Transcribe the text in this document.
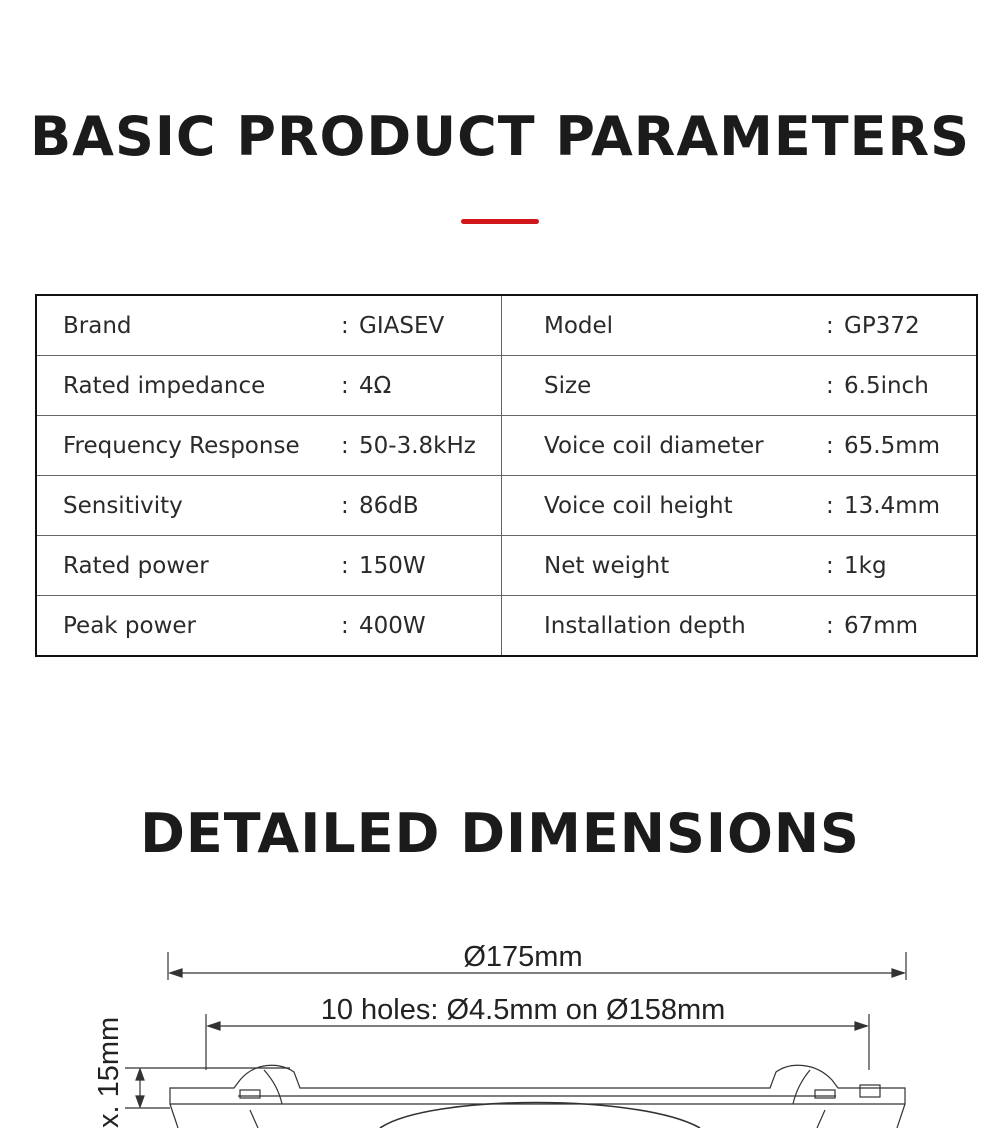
BASIC PRODUCT PARAMETERS
Brand	: GIASEV	Model	: GP372
Rated impedance	: 4Ω	Size	: 6.5inch
Frequency Response	: 50-3.8kHz	Voice coil diameter	: 65.5mm
Sensitivity	: 86dB	Voice coil height	: 13.4mm
Rated power	: 150W	Net weight	: 1kg
Peak power	: 400W	Installation depth	: 67mm
DETAILED DIMENSIONS
Ø175mm
10 holes: Ø4.5mm on Ø158mm
x. 15mm
